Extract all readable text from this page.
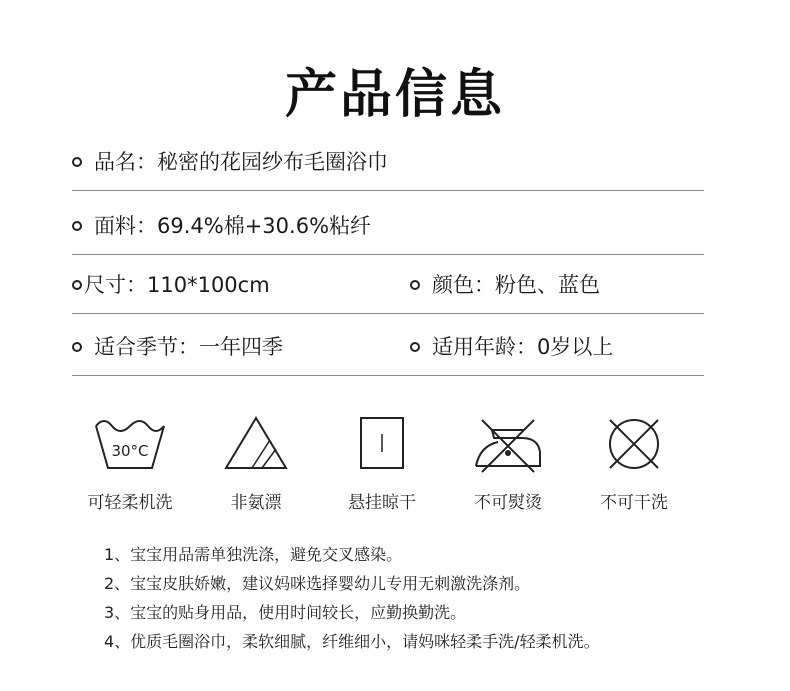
产品信息
品名：秘密的花园纱布毛圈浴巾
面料：69.4%棉+30.6%粘纤
尺寸：110*100cm	颜色：粉色、蓝色
适合季节：一年四季	适用年龄：0岁以上
30°C
可轻柔机洗	非氨漂	悬挂晾干	不可熨烫	不可干洗
1、宝宝用品需单独洗涤，避免交叉感染。
2、宝宝皮肤娇嫩，建议妈咪选择婴幼儿专用无刺激洗涤剂。
3、宝宝的贴身用品，使用时间较长，应勤换勤洗。
4、优质毛圈浴巾，柔软细腻，纤维细小，请妈咪轻柔手洗/轻柔机洗。
